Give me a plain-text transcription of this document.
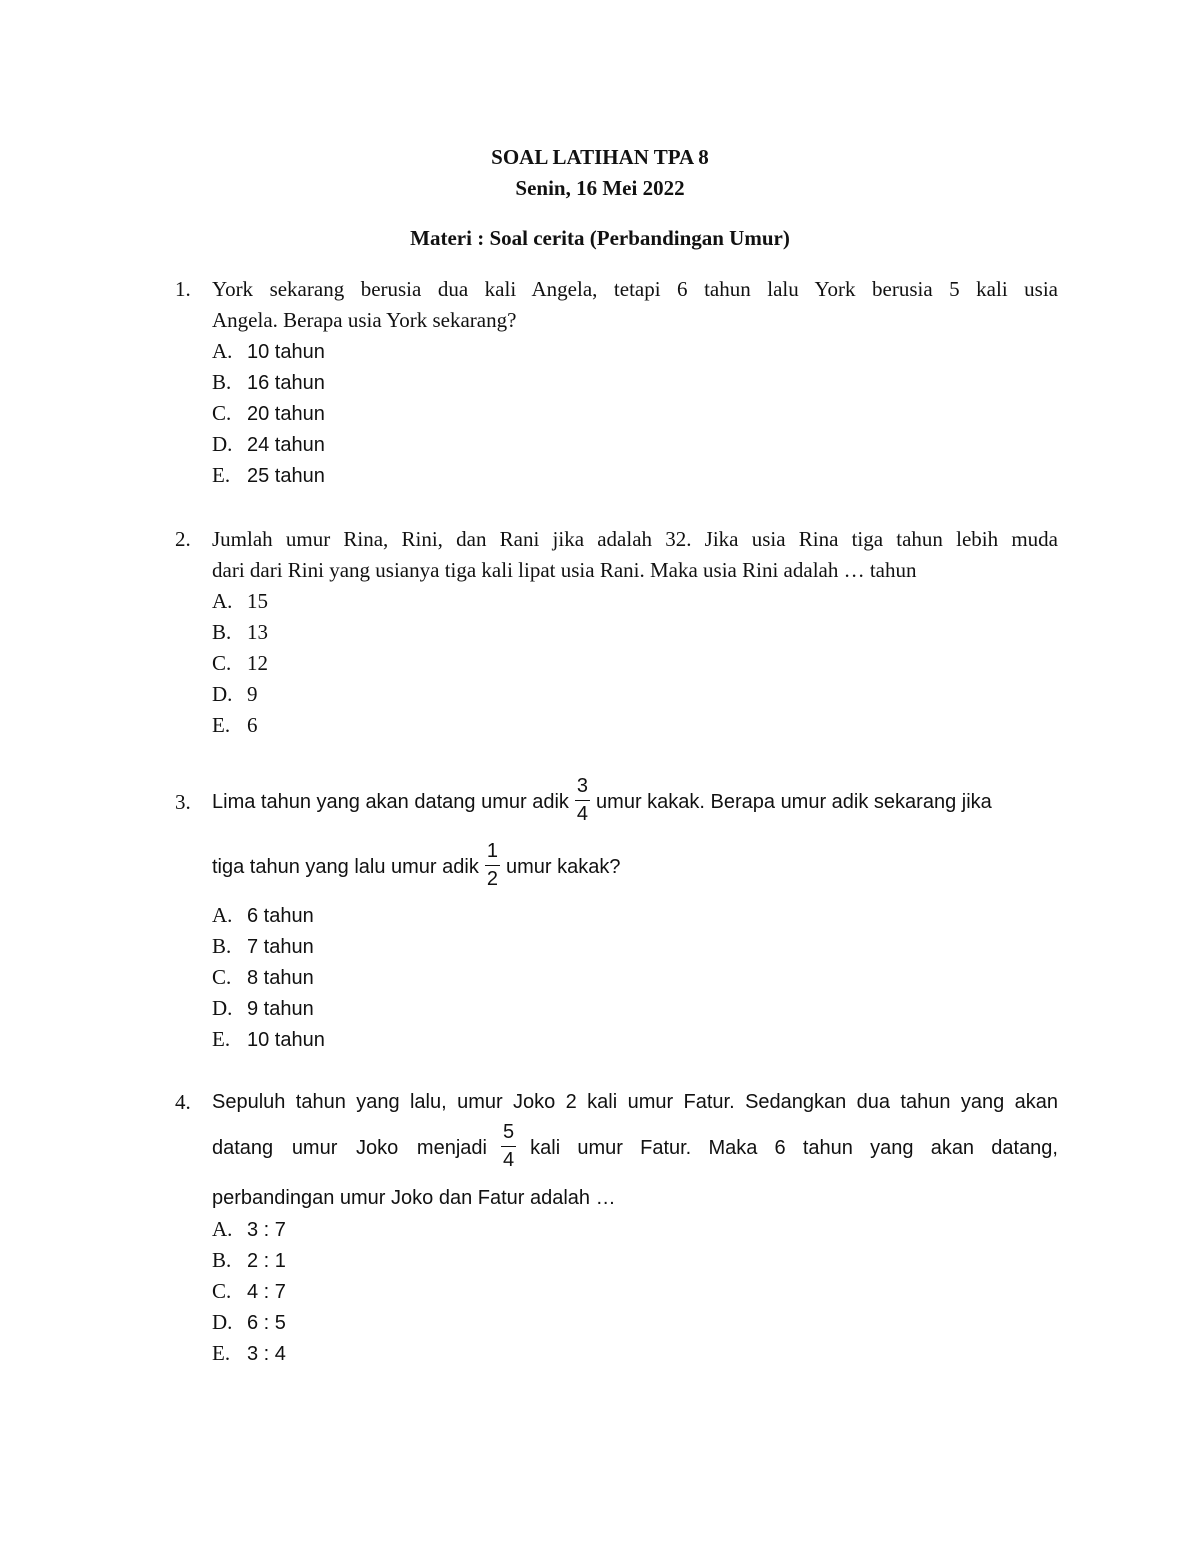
SOAL LATIHAN TPA 8
Senin, 16 Mei 2022
Materi : Soal cerita (Perbandingan Umur)
1. York sekarang berusia dua kali Angela, tetapi 6 tahun lalu York berusia 5 kali usia
Angela. Berapa usia York sekarang?
A. 10 tahun
B. 16 tahun
C. 20 tahun
D. 24 tahun
E. 25 tahun
2. Jumlah umur Rina, Rini, dan Rani jika adalah 32. Jika usia Rina tiga tahun lebih muda
dari dari Rini yang usianya tiga kali lipat usia Rani. Maka usia Rini adalah … tahun
A. 15
B. 13
C. 12
D. 9
E. 6
3. Lima tahun yang akan datang umur adik $\frac{3}{4}$ umur kakak. Berapa umur adik sekarang jika
tiga tahun yang lalu umur adik $\frac{1}{2}$ umur kakak?
A. 6 tahun
B. 7 tahun
C. 8 tahun
D. 9 tahun
E. 10 tahun
4. Sepuluh tahun yang lalu, umur Joko 2 kali umur Fatur. Sedangkan dua tahun yang akan
datang umur Joko menjadi $\frac{5}{4}$ kali umur Fatur. Maka 6 tahun yang akan datang,
perbandingan umur Joko dan Fatur adalah …
A. 3 : 7
B. 2 : 1
C. 4 : 7
D. 6 : 5
E. 3 : 4
